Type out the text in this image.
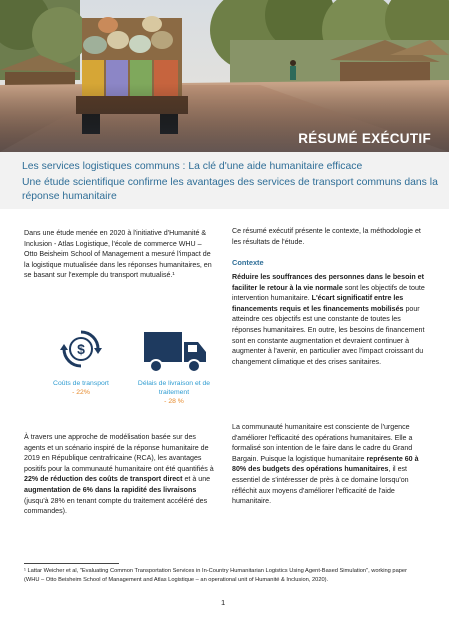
RÉSUMÉ EXÉCUTIF
Les services logistiques communs : La clé d'une aide humanitaire efficace
Une étude scientifique confirme les avantages des services de transport communs dans la réponse humanitaire

Dans une étude menée en 2020 à l'initiative d'Humanité & Inclusion - Atlas Logistique, l'école de commerce WHU – Otto Beisheim School of Management a mesuré l'impact de la logistique mutualisée dans les réponses humanitaires, en se basant sur l'exemple du transport mutualisé.¹

$
Coûts de transport
- 22%
Délais de livraison et de traitement
- 28 %

À travers une approche de modélisation basée sur des agents et un scénario inspiré de la réponse humanitaire de 2019 en République centrafricaine (RCA), les avantages positifs pour la communauté humanitaire ont été quantifiés à 22% de réduction des coûts de transport direct et à une augmentation de 6% dans la rapidité des livraisons (jusqu'à 28% en tenant compte du traitement accéléré des commandes).

Ce résumé exécutif présente le contexte, la méthodologie et les résultats de l'étude.

Contexte

Réduire les souffrances des personnes dans le besoin et faciliter le retour à la vie normale sont les objectifs de toute intervention humanitaire. L'écart significatif entre les financements requis et les financements mobilisés pour atteindre ces objectifs est une constante de toutes les réponses humanitaires. En outre, les besoins de financement sont en constante augmentation et devraient continuer à augmenter à l'avenir, en particulier avec l'impact croissant du changement climatique et des crises sanitaires.

La communauté humanitaire est consciente de l'urgence d'améliorer l'efficacité des opérations humanitaires. Elle a formalisé son intention de le faire dans le cadre du Grand Bargain. Puisque la logistique humanitaire représente 60 à 80% des budgets des opérations humanitaires, il est essentiel de s'intéresser de près à ce domaine lorsqu'on réfléchit aux moyens d'améliorer l'efficacité de l'aide humanitaire.

¹ Lattar Weicher et al, "Evaluating Common Transportation Services in In-Country Humanitarian Logistics Using Agent-Based Simulation", working paper (WHU – Otto Beisheim School of Management and Atlas Logistique – an operational unit of Humanité & Inclusion, 2020).
1
